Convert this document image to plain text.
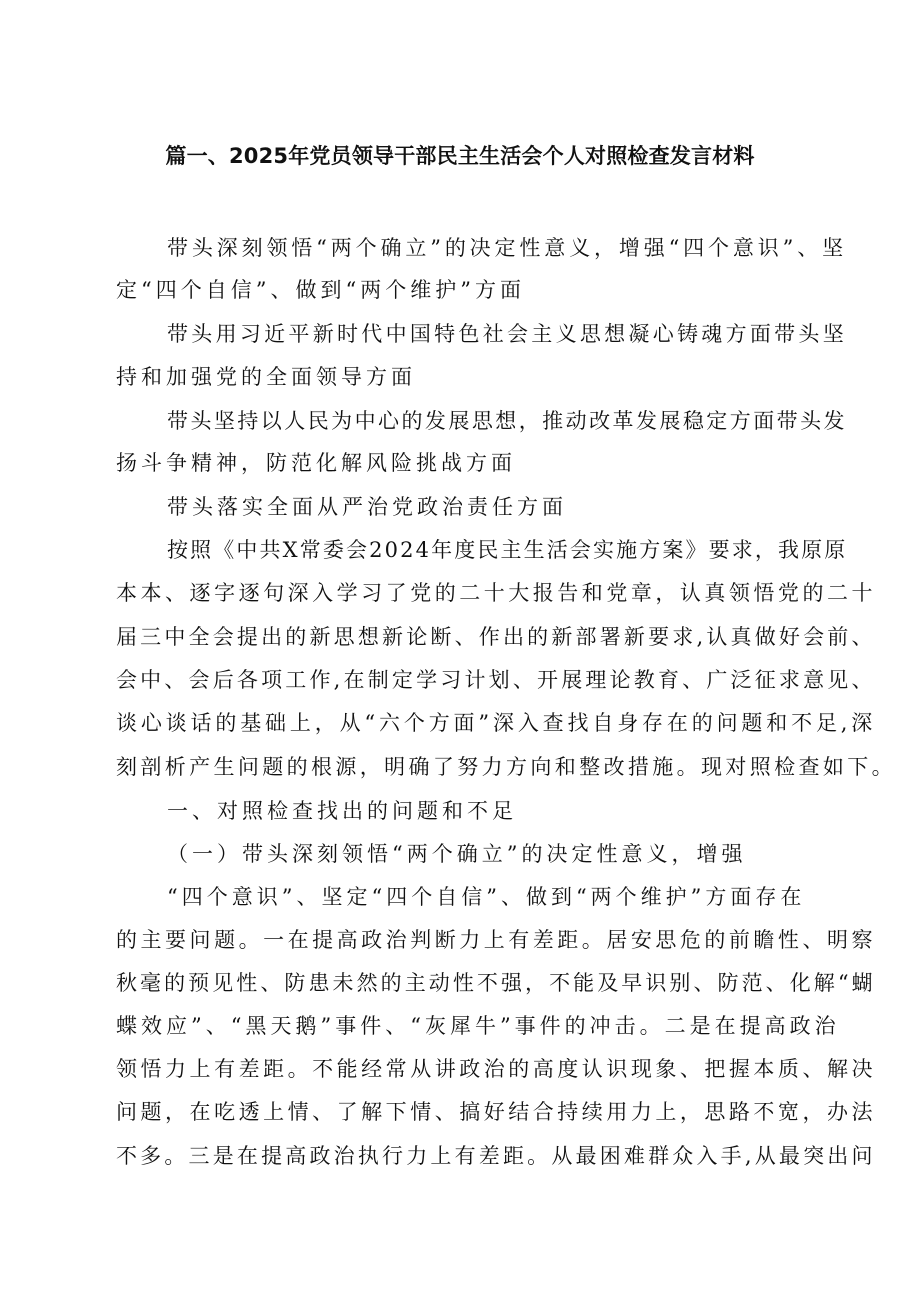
篇一、2025年党员领导干部民主生活会个人对照检查发言材料
带头深刻领悟“两个确立”的决定性意义，增强“四个意识”、坚
定“四个自信”、做到“两个维护”方面
带头用习近平新时代中国特色社会主义思想凝心铸魂方面带头坚
持和加强党的全面领导方面
带头坚持以人民为中心的发展思想，推动改革发展稳定方面带头发
扬斗争精神，防范化解风险挑战方面
带头落实全面从严治党政治责任方面
按照《中共X常委会2024年度民主生活会实施方案》要求，我原原
本本、逐字逐句深入学习了党的二十大报告和党章，认真领悟党的二十
届三中全会提出的新思想新论断、作出的新部署新要求,认真做好会前、
会中、会后各项工作,在制定学习计划、开展理论教育、广泛征求意见、
谈心谈话的基础上，从“六个方面”深入查找自身存在的问题和不足,深
刻剖析产生问题的根源，明确了努力方向和整改措施。现对照检查如下。
一、对照检查找出的问题和不足
（一）带头深刻领悟“两个确立”的决定性意义，增强
“四个意识”、坚定“四个自信”、做到“两个维护”方面存在
的主要问题。一在提高政治判断力上有差距。居安思危的前瞻性、明察
秋毫的预见性、防患未然的主动性不强，不能及早识别、防范、化解“蝴
蝶效应”、“黑天鹅”事件、“灰犀牛”事件的冲击。二是在提高政治
领悟力上有差距。不能经常从讲政治的高度认识现象、把握本质、解决
问题，在吃透上情、了解下情、搞好结合持续用力上，思路不宽，办法
不多。三是在提高政治执行力上有差距。从最困难群众入手,从最突出问
